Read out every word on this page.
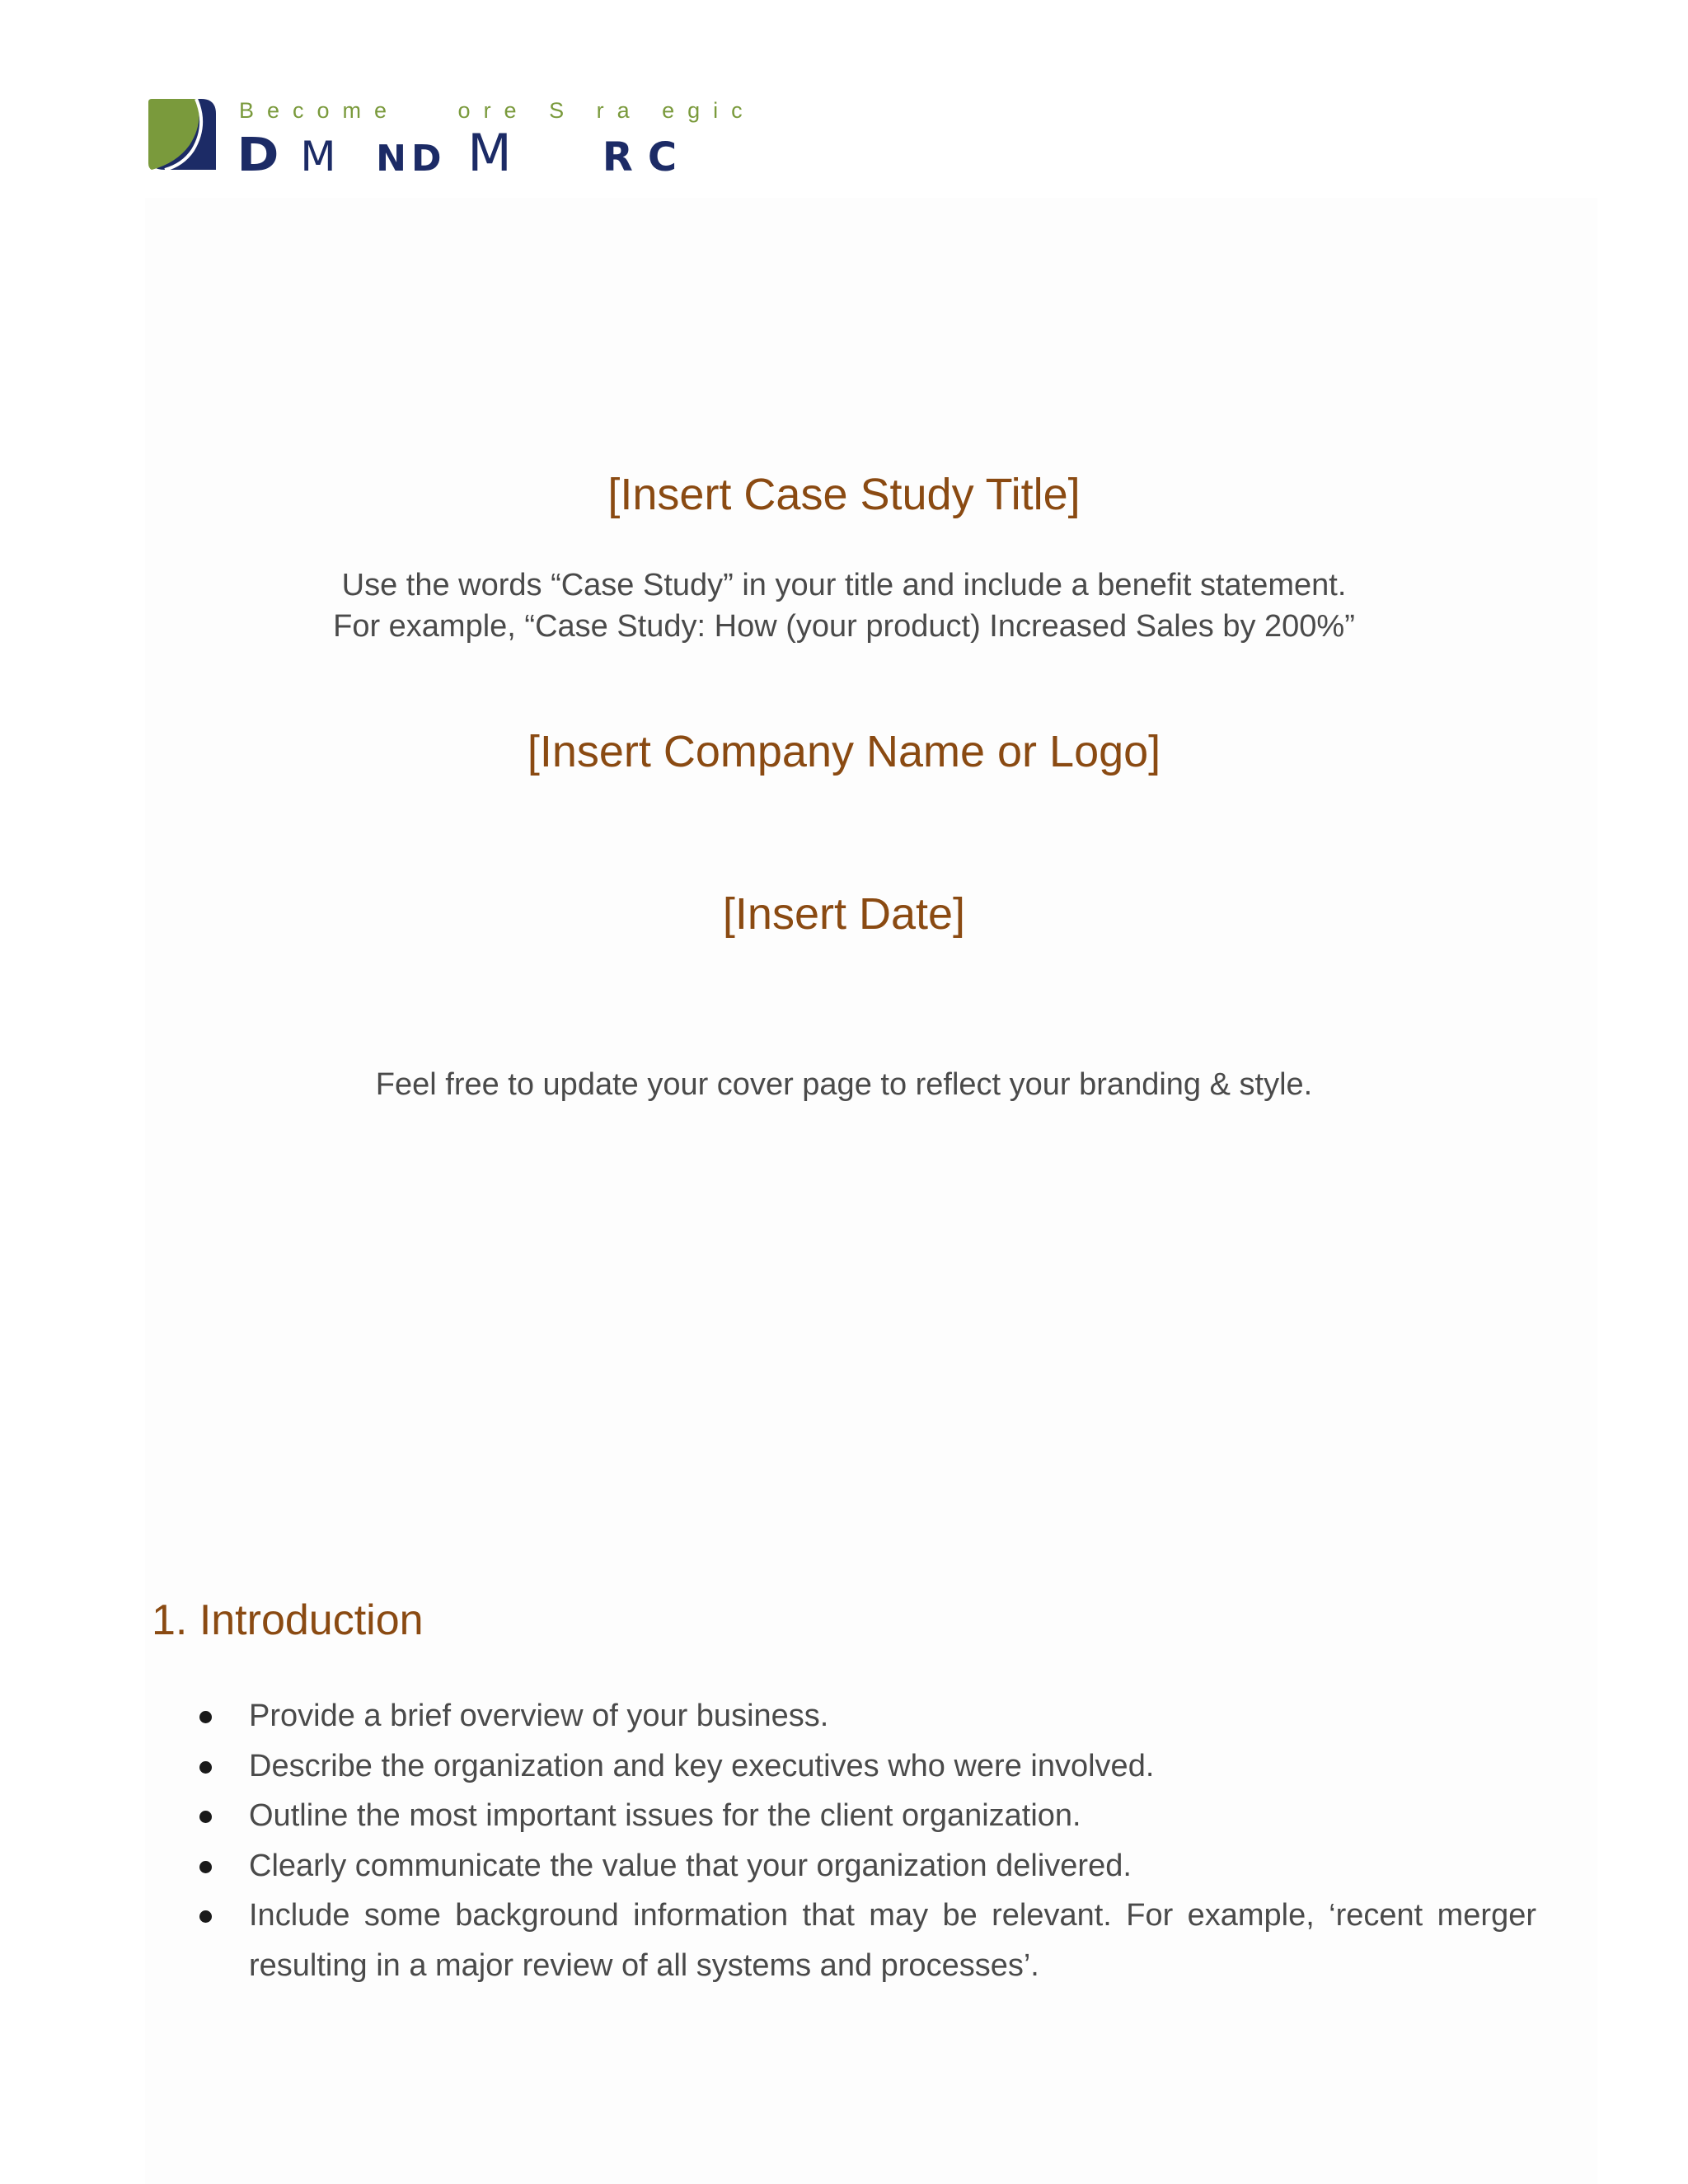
Become   ore S ra egic
D M  ND M   RC
[Insert Case Study Title]

Use the words “Case Study” in your title and include a benefit statement.

For example, “Case Study: How (your product) Increased Sales by 200%”

[Insert Company Name or Logo]
[Insert Date]

Feel free to update your cover page to reflect your branding & style.

1. Introduction
Provide a brief overview of your business.
Describe the organization and key executives who were involved.
Outline the most important issues for the client organization.
Clearly communicate the value that your organization delivered.
Include some background information that may be relevant. For example, ‘recent merger resulting in a major review of all systems and processes’.
